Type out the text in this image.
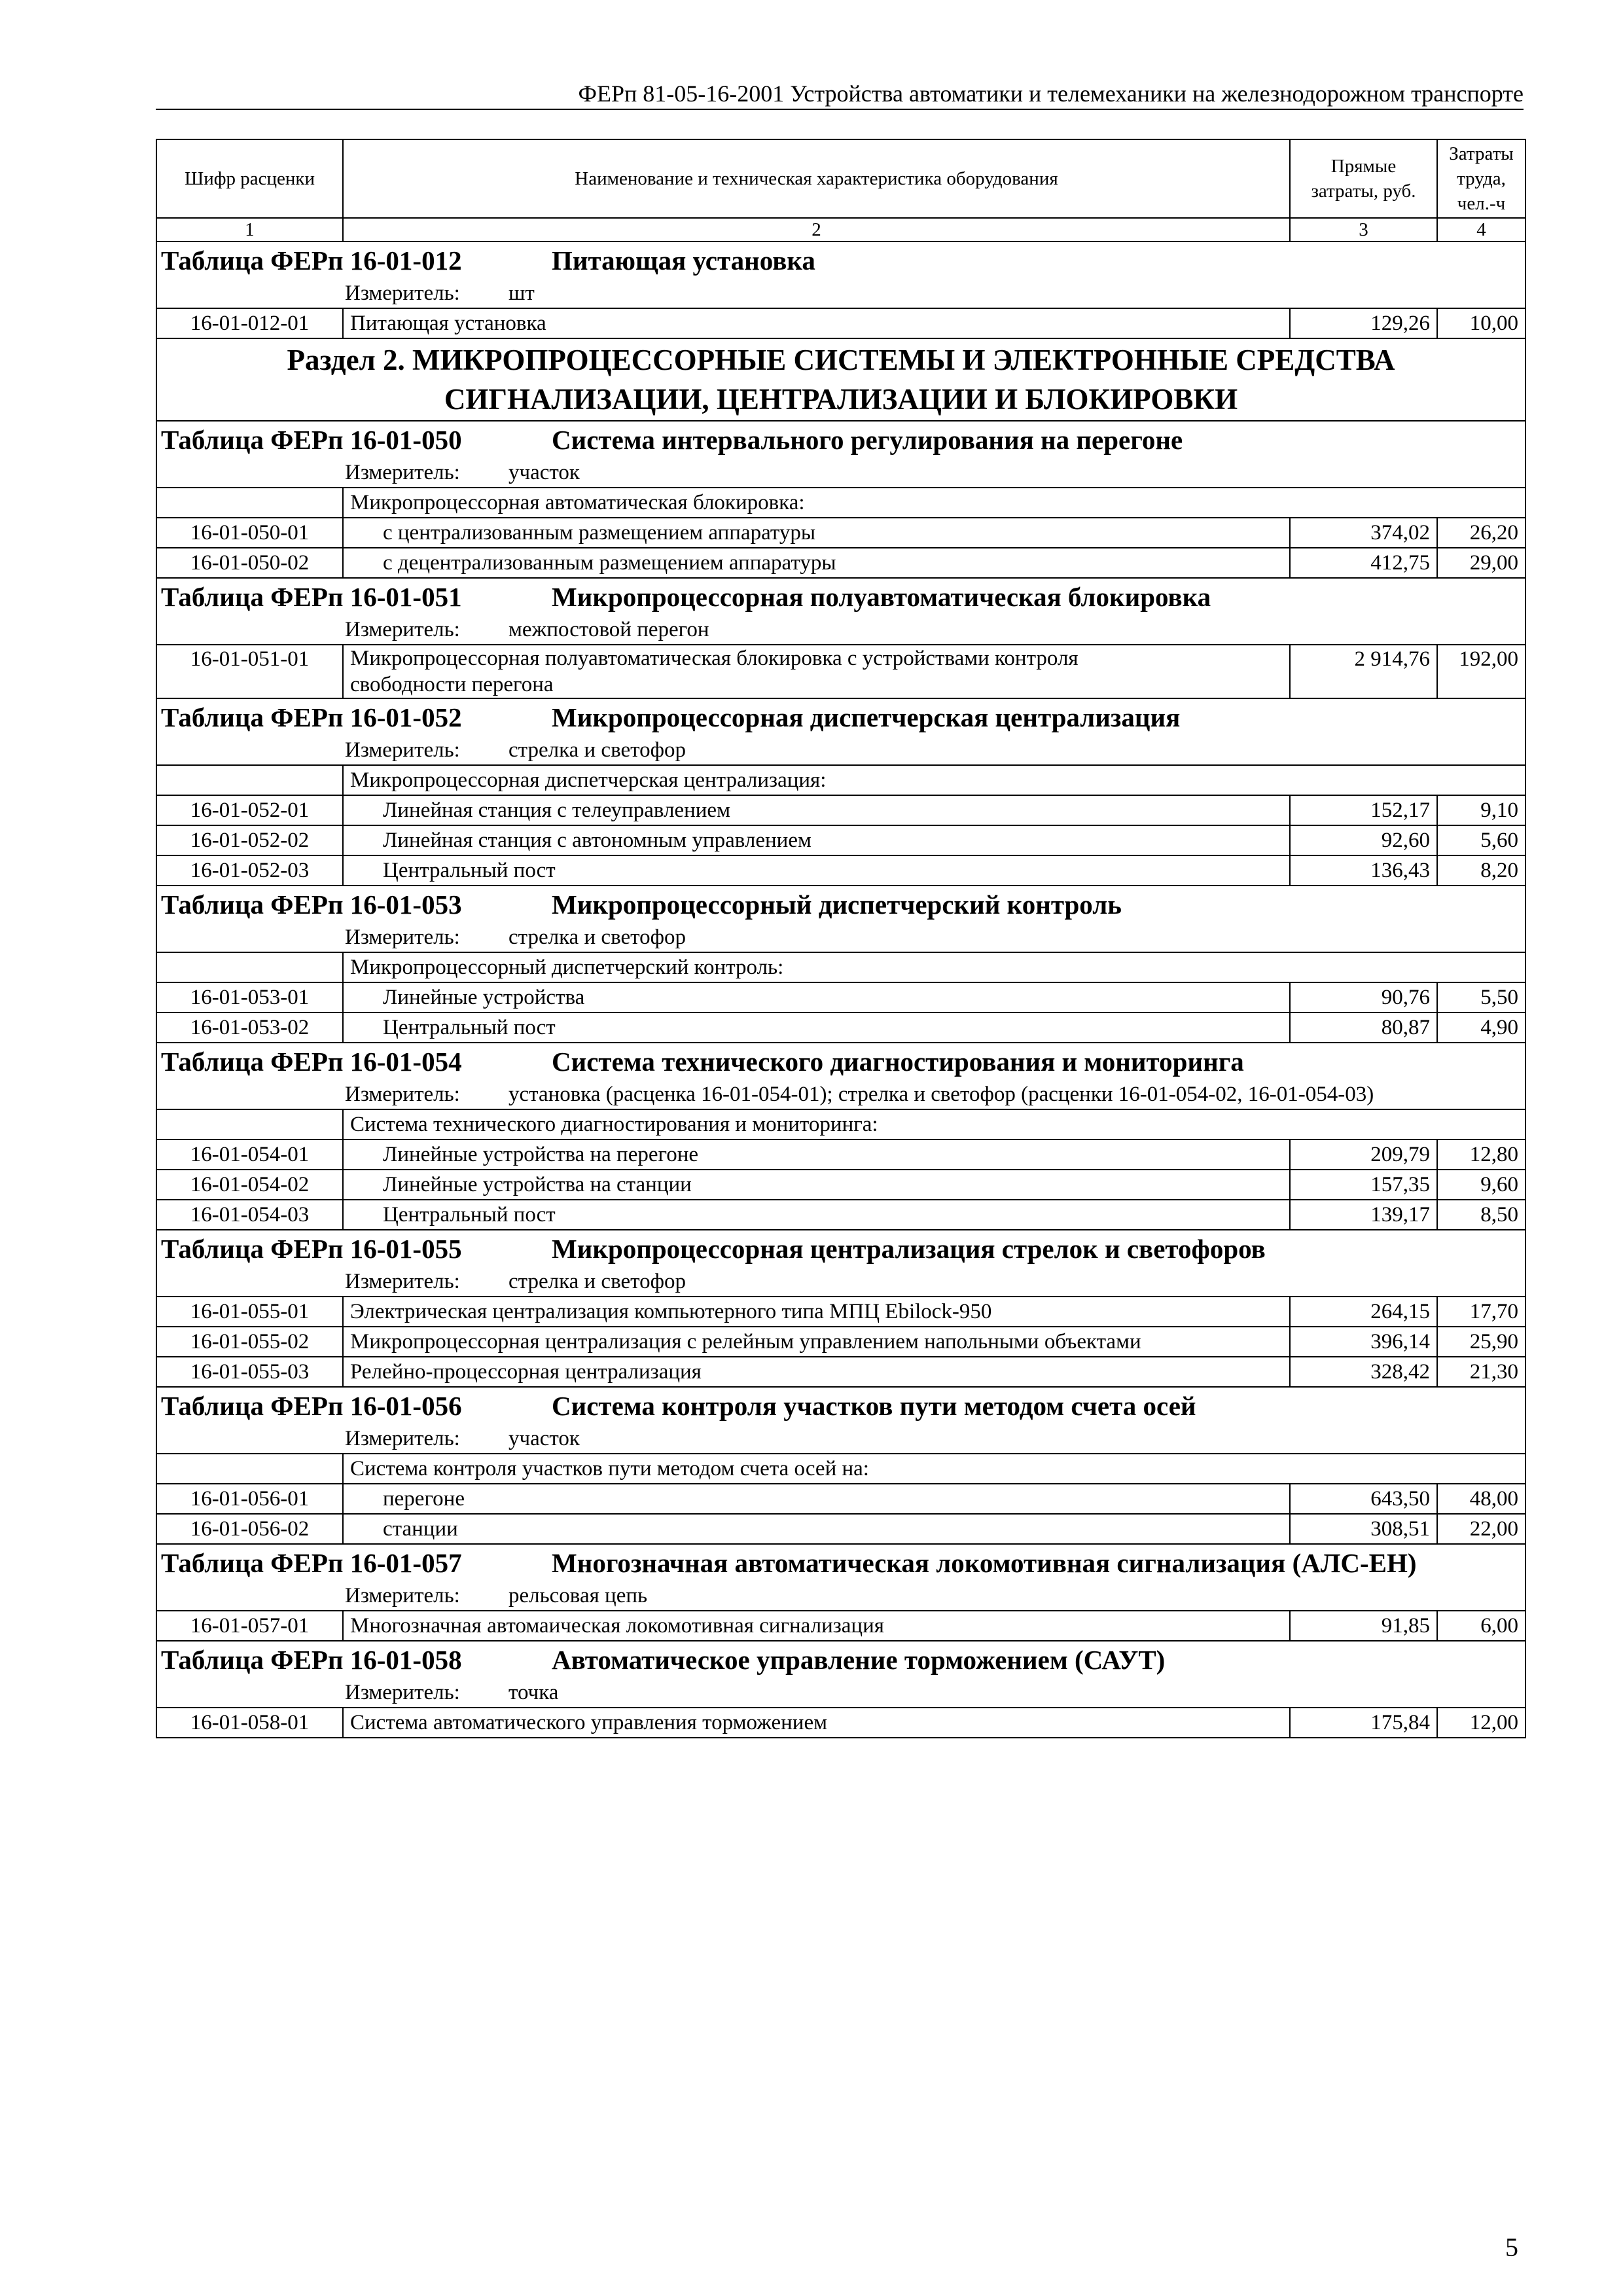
ФЕРп 81-05-16-2001 Устройства автоматики и телемеханики на железнодорожном транспорте
Шифр расценки	Наименование и техническая характеристика оборудования	Прямые затраты, руб.	Затраты труда, чел.-ч
1	2	3	4
Таблица ФЕРп 16-01-012 Питающая установка			
Измеритель: шт			
16-01-012-01	Питающая установка	129,26	10,00

Раздел 2. МИКРОПРОЦЕССОРНЫЕ СИСТЕМЫ И ЭЛЕКТРОННЫЕ СРЕДСТВА
СИГНАЛИЗАЦИИ, ЦЕНТРАЛИЗАЦИИ И БЛОКИРОВКИ			

Таблица ФЕРп 16-01-050 Система интервального регулирования на перегоне			
Измеритель: участок			
	Микропроцессорная автоматическая блокировка:		
16-01-050-01	с централизованным размещением аппаратуры	374,02	26,20
16-01-050-02	с децентрализованным размещением аппаратуры	412,75	29,00
Таблица ФЕРп 16-01-051 Микропроцессорная полуавтоматическая блокировка			
Измеритель: межпостовой перегон			
16-01-051-01	Микропроцессорная полуавтоматическая блокировка с устройствами контроля свободности перегона	2 914,76	192,00
Таблица ФЕРп 16-01-052 Микропроцессорная диспетчерская централизация			
Измеритель: стрелка и светофор			
	Микропроцессорная диспетчерская централизация:		
16-01-052-01	Линейная станция с телеуправлением	152,17	9,10
16-01-052-02	Линейная станция с автономным управлением	92,60	5,60
16-01-052-03	Центральный пост	136,43	8,20
Таблица ФЕРп 16-01-053 Микропроцессорный диспетчерский контроль			
Измеритель: стрелка и светофор			
	Микропроцессорный диспетчерский контроль:		
16-01-053-01	Линейные устройства	90,76	5,50
16-01-053-02	Центральный пост	80,87	4,90
Таблица ФЕРп 16-01-054 Система технического диагностирования и мониторинга			
Измеритель: установка (расценка 16-01-054-01); стрелка и светофор (расценки 16-01-054-02, 16-01-054-03)			
	Система технического диагностирования и мониторинга:		
16-01-054-01	Линейные устройства на перегоне	209,79	12,80
16-01-054-02	Линейные устройства на станции	157,35	9,60
16-01-054-03	Центральный пост	139,17	8,50
Таблица ФЕРп 16-01-055 Микропроцессорная централизация стрелок и светофоров			
Измеритель: стрелка и светофор			
16-01-055-01	Электрическая централизация компьютерного типа МПЦ Ebilock-950	264,15	17,70
16-01-055-02	Микропроцессорная централизация с релейным управлением напольными объектами	396,14	25,90
16-01-055-03	Релейно-процессорная централизация	328,42	21,30
Таблица ФЕРп 16-01-056 Система контроля участков пути методом счета осей			
Измеритель: участок			
	Система контроля участков пути методом счета осей на:		
16-01-056-01	перегоне	643,50	48,00
16-01-056-02	станции	308,51	22,00
Таблица ФЕРп 16-01-057 Многозначная автоматическая локомотивная сигнализация (АЛС-ЕН)			
Измеритель: рельсовая цепь			
16-01-057-01	Многозначная автомаическая локомотивная сигнализация	91,85	6,00
Таблица ФЕРп 16-01-058 Автоматическое управление торможением (САУТ)			
Измеритель: точка			
16-01-058-01	Система автоматического управления торможением	175,84	12,00
5
